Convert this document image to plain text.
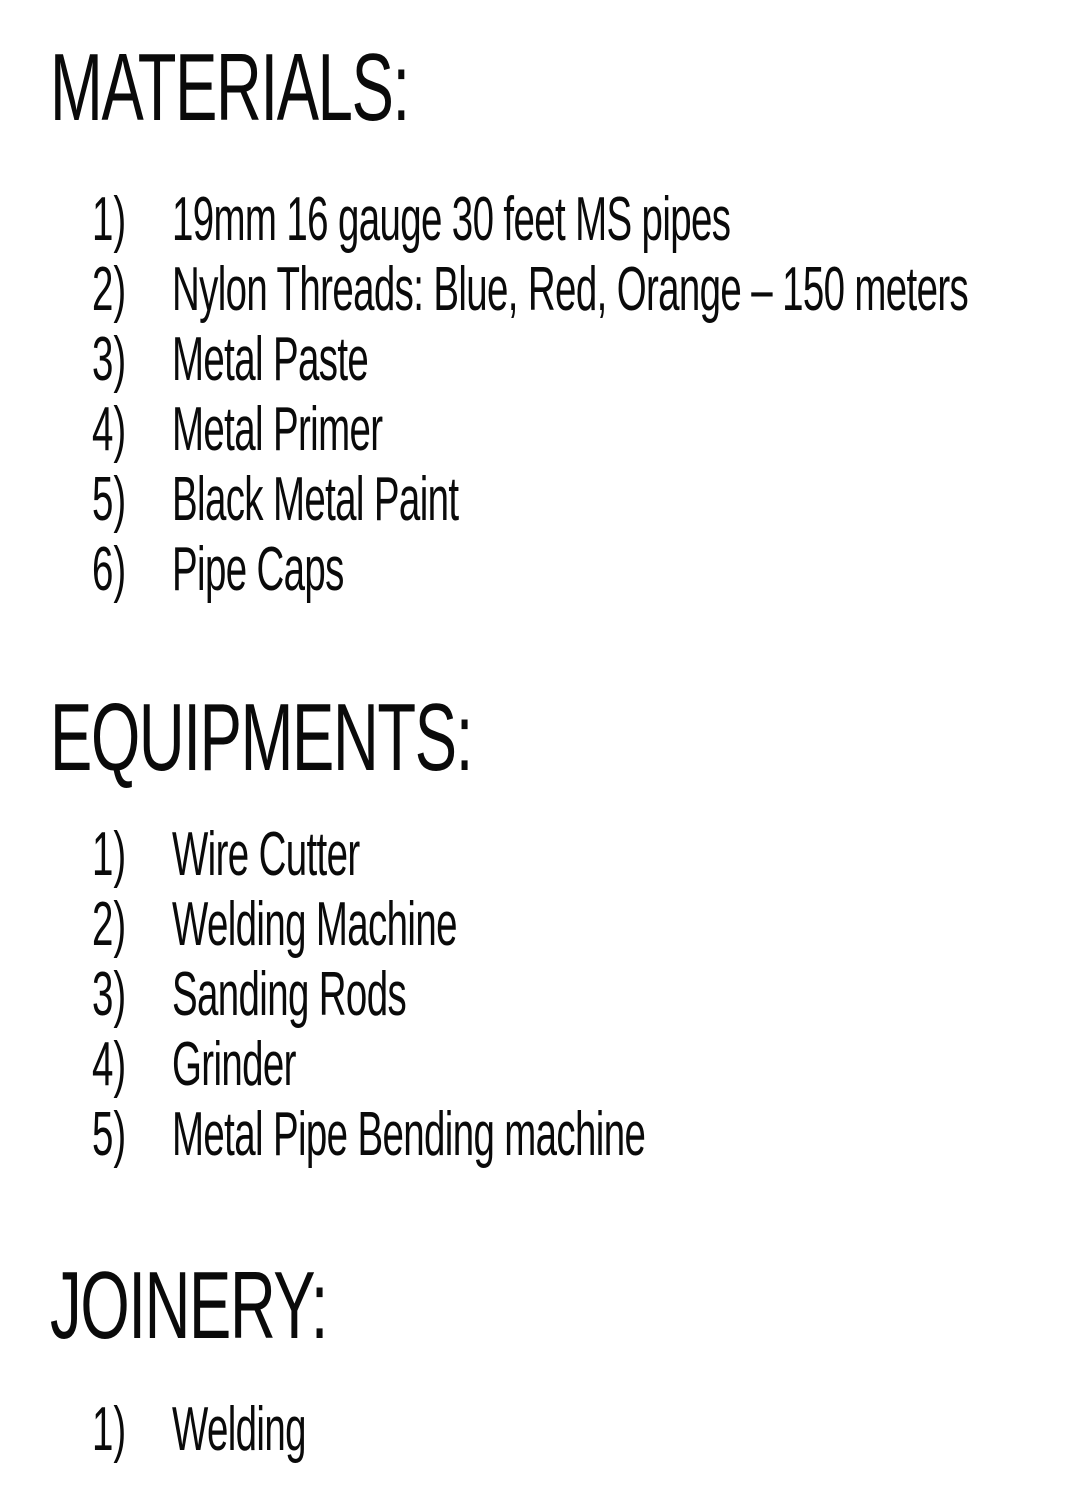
MATERIALS:
1) 19mm 16 gauge 30 feet MS pipes
2) Nylon Threads: Blue, Red, Orange – 150 meters
3) Metal Paste
4) Metal Primer
5) Black Metal Paint
6) Pipe Caps
EQUIPMENTS:
1) Wire Cutter
2) Welding Machine
3) Sanding Rods
4) Grinder
5) Metal Pipe Bending machine
JOINERY:
1) Welding
